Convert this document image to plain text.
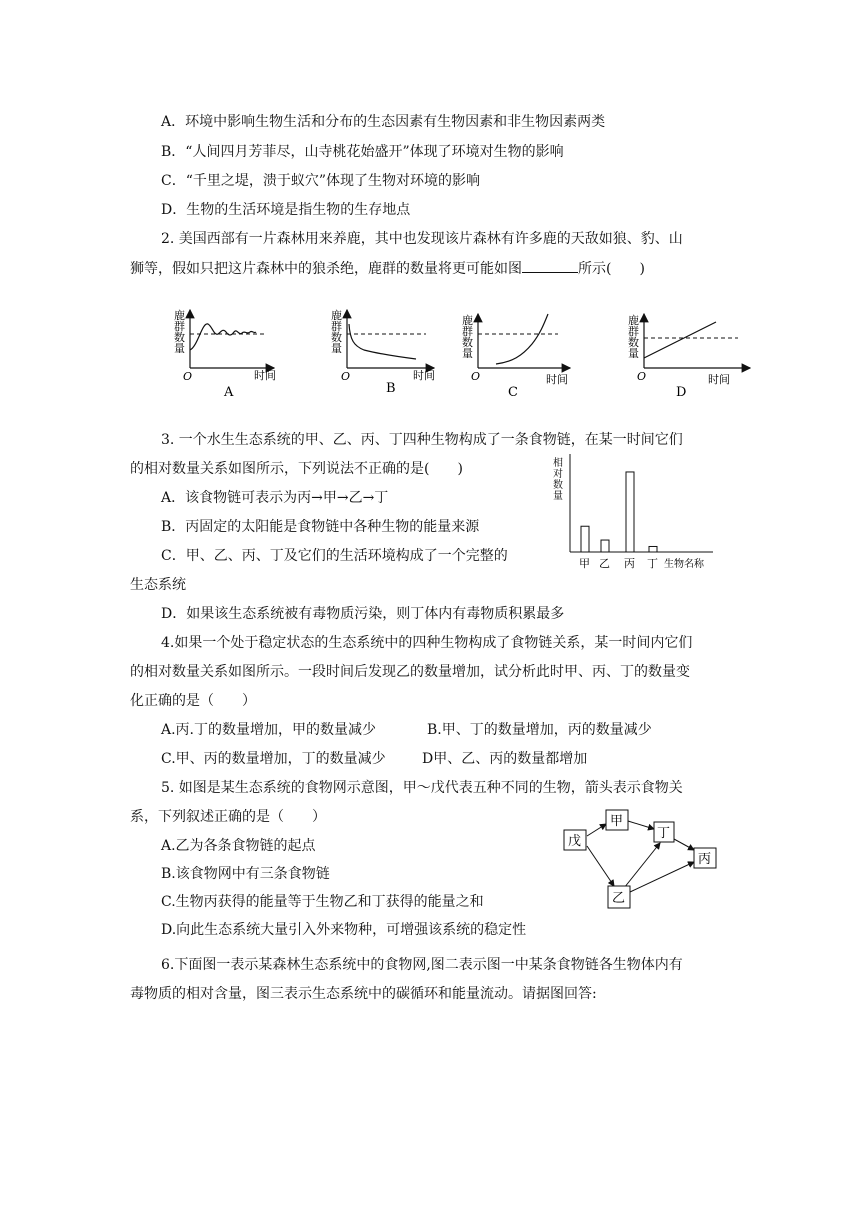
A．环境中影响生物生活和分布的生态因素有生物因素和非生物因素两类
B．“人间四月芳菲尽，山寺桃花始盛开”体现了环境对生物的影响
C．“千里之堤，溃于蚁穴”体现了生物对环境的影响
D．生物的生活环境是指生物的生存地点
2. 美国西部有一片森林用来养鹿，其中也发现该片森林有许多鹿的天敌如狼、豹、山
狮等，假如只把这片森林中的狼杀绝，鹿群的数量将更可能如图	所示(　　)
鹿
群
数
量
O	时间
A
鹿
群
数
量
O	时间
B
鹿
群
数
量
O	时间
C
鹿
群
数
量
O	时间
D
3. 一个水生生态系统的甲、乙、丙、丁四种生物构成了一条食物链，在某一时间它们
的相对数量关系如图所示，下列说法不正确的是(　　)
A．该食物链可表示为丙→甲→乙→丁
B．丙固定的太阳能是食物链中各种生物的能量来源
C．甲、乙、丙、丁及它们的生活环境构成了一个完整的
生态系统
D．如果该生态系统被有毒物质污染，则丁体内有毒物质积累最多
相
对
数
量
甲 乙 丙 丁 生物名称
4.如果一个处于稳定状态的生态系统中的四种生物构成了食物链关系，某一时间内它们
的相对数量关系如图所示。一段时间后发现乙的数量增加，试分析此时甲、丙、丁的数量变
化正确的是（　　）
A.丙.丁的数量增加，甲的数量减少	B.甲、丁的数量增加，丙的数量减少
C.甲、丙的数量增加，丁的数量减少	D甲、乙、丙的数量都增加
5. 如图是某生态系统的食物网示意图，甲～戊代表五种不同的生物，箭头表示食物关
系，下列叙述正确的是（　　）
A.乙为各条食物链的起点
B.该食物网中有三条食物链
C.生物丙获得的能量等于生物乙和丁获得的能量之和
D.向此生态系统大量引入外来物种，可增强该系统的稳定性
戊
甲
丁
丙
乙
6.下面图一表示某森林生态系统中的食物网,图二表示图一中某条食物链各生物体内有
毒物质的相对含量，图三表示生态系统中的碳循环和能量流动。请据图回答:
